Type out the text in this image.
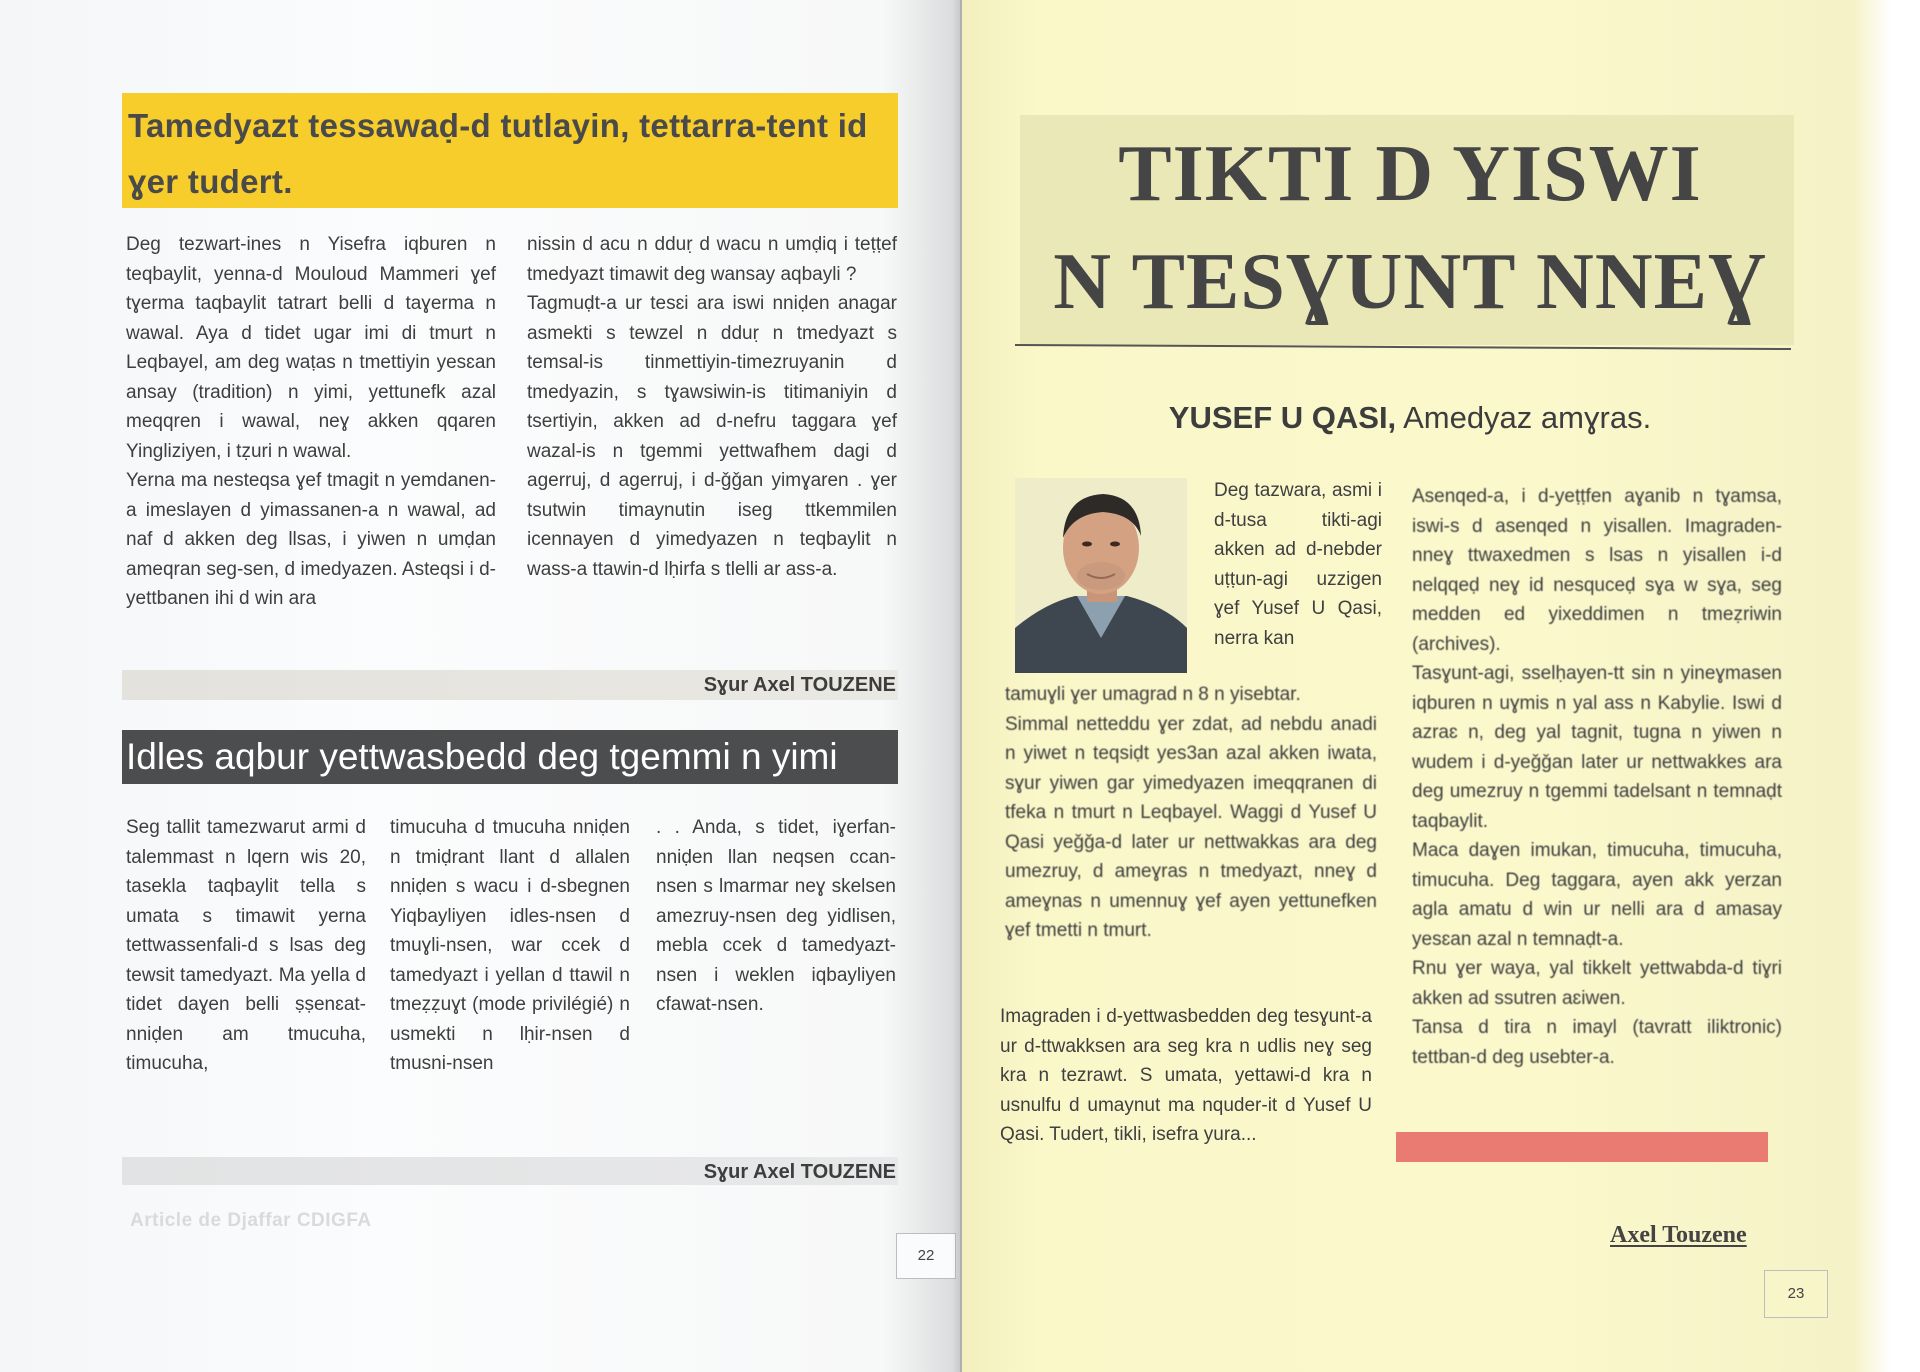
Tamedyazt tessawaḍ-d tutlayin, tettarra-tent id ɣer tudert.

Deg tezwart-ines n Yisefra iqburen n teqbaylit, yenna-d Mouloud Mammeri ɣef tɣerma taqbaylit tatrart belli d taɣerma n wawal. Aya d tidet ugar imi di tmurt n Leqbayel, am deg waṭas n tmettiyin yesɛan ansay (tradition) n yimi, yettunefk azal meqqren i wawal, neɣ akken qqaren Yingliziyen, i tẓuri n wawal.

Yerna ma nesteqsa ɣef tmagit n yemdanen-a imeslayen d yimassanen-a n wawal, ad naf d akken deg llsas, i yiwen n umḍan ameqran seg-sen, d imedyazen. Asteqsi i d-yettbanen ihi d win ara

nissin d acu n dduṛ d wacu n umḍiq i teṭṭef tmedyazt timawit deg wansay aqbayli ?

Tagmuḍt-a ur tesɛi ara iswi nniḍen anagar asmekti s tewzel n dduṛ n tmedyazt s temsal-is tinmettiyin-timezruyanin d tmedyazin, s tɣawsiwin-is titimaniyin d tsertiyin, akken ad d-nefru taggara ɣef wazal-is n tgemmi yettwafhem dagi d agerruj, d agerruj, i d-ǧǧan yimɣaren . ɣer tsutwin timaynutin iseg ttkemmilen icennayen d yimedyazen n teqbaylit n wass-a ttawin-d lḥirfa s tlelli ar ass-a.

Sɣur Axel TOUZENE
Idles aqbur yettwasbedd deg tgemmi n yimi
Seg tallit tamezwarut armi d talemmast n lqern wis 20, tasekla taqbaylit tella s umata s timawit yerna tettwassenfali-d s lsas deg tewsit tamedyazt. Ma yella d tidet daɣen belli ṣṣenɛat-nniḍen am tmucuha, timucuha,
timucuha d tmucuha nniḍen n tmiḍrant llant d allalen nniḍen s wacu i d-sbegnen Yiqbayliyen idles-nsen d tmuɣli-nsen, war ccek d tamedyazt i yellan d ttawil n tmeẓẓuɣt (mode privilégié) n usmekti n lḥir-nsen d tmusni-nsen
. . Anda, s tidet, iɣerfan-nniḍen llan neqsen ccan-nsen s lmarmar neɣ skelsen amezruy-nsen deg yidlisen, mebla ccek d tamedyazt-nsen i weklen iqbayliyen cfawat-nsen.
Sɣur Axel TOUZENE
Article de Djaffar CDIGFA
22
TIKTI D YISWI
N TESƔUNT NNEƔ
YUSEF U QASI, Amedyaz amɣras.
Deg tazwara, asmi i d-tusa tikti-agi akken ad d-nebder uṭṭun-agi uzzigen ɣef Yusef U Qasi, nerra kan

tamuɣli ɣer umagrad n 8 n yisebtar.

Simmal netteddu ɣer zdat, ad nebdu anadi n yiwet n teqsiḍt yes3an azal akken iwata, sɣur yiwen gar yimedyazen imeqqranen di tfeka n tmurt n Leqbayel. Waggi d Yusef U Qasi yeǧǧa-d later ur nettwakkas ara deg umezruy, d ameɣras n tmedyazt, nneɣ d ameɣnas n umennuɣ ɣef ayen yettunefken ɣef tmetti n tmurt.

Imagraden i d-yettwasbedden deg tesɣunt-a ur d-ttwakksen ara seg kra n udlis neɣ seg kra n tezrawt. S umata, yettawi-d kra n usnulfu d umaynut ma nquder-it d Yusef U Qasi. Tudert, tikli, isefra yura...

Asenqed-a, i d-yeṭṭfen aɣanib n tɣamsa, iswi-s d asenqed n yisallen. Imagraden-nneɣ ttwaxedmen s lsas n yisallen i-d nelqqeḍ neɣ id nesquceḍ sɣa w sɣa, seg medden ed yixeddimen n tmeẓriwin (archives).

Tasɣunt-agi, sselḥayen-tt sin n yineɣmasen iqburen n uɣmis n yal ass n Kabylie. Iswi d azraɛ n, deg yal tagnit, tugna n yiwen n wudem i d-yeǧǧan later ur nettwakkes ara deg umezruy n tgemmi tadelsant n temnaḍt taqbaylit.

Maca daɣen imukan, timucuha, timucuha, timucuha. Deg taggara, ayen akk yerzan agla amatu d win ur nelli ara d amasay yesɛan azal n temnaḍt-a.

Rnu ɣer waya, yal tikkelt yettwabda-d tiɣri akken ad ssutren aɛiwen.

Tansa d tira n imayl (tavratt iliktronic) tettban-d deg usebter-a.

Axel Touzene
23
